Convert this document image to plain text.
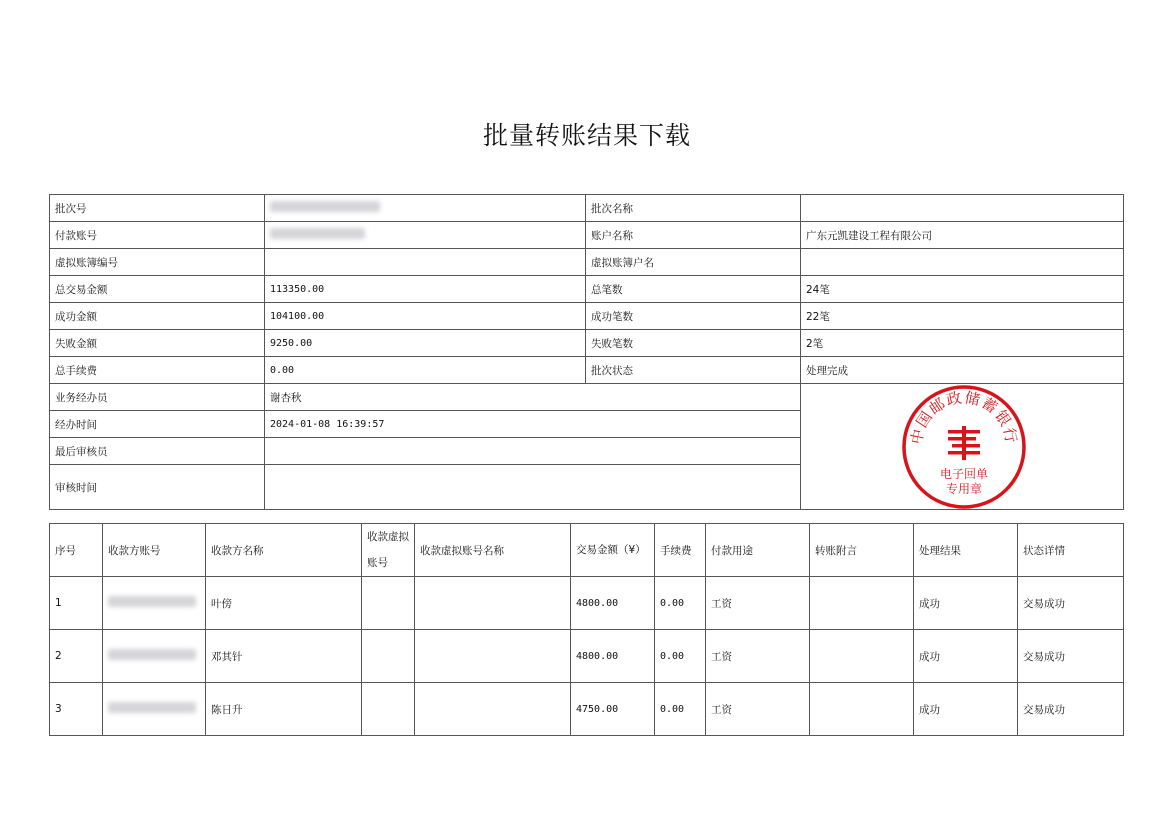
批量转账结果下载
批次号		批次名称	
付款账号		账户名称	广东元凯建设工程有限公司
虚拟账簿编号		虚拟账簿户名	
总交易金额	113350.00	总笔数	24笔
成功金额	104100.00	成功笔数	22笔
失败金额	9250.00	失败笔数	2笔
总手续费	0.00	批次状态	处理完成
业务经办员	谢杏秋		中国邮政储蓄银行
电子回单
专用章

经办时间	2024-01-08 16:39:57		
最后审核员			
审核时间			
序号	收款方账号	收款方名称	收款虚拟账号	收款虚拟账号名称	交易金额（¥）	手续费	付款用途	转账附言	处理结果	状态详情
1		叶傍			4800.00	0.00	工资		成功	交易成功
2		邓其针			4800.00	0.00	工资		成功	交易成功
3		陈日升			4750.00	0.00	工资		成功	交易成功
